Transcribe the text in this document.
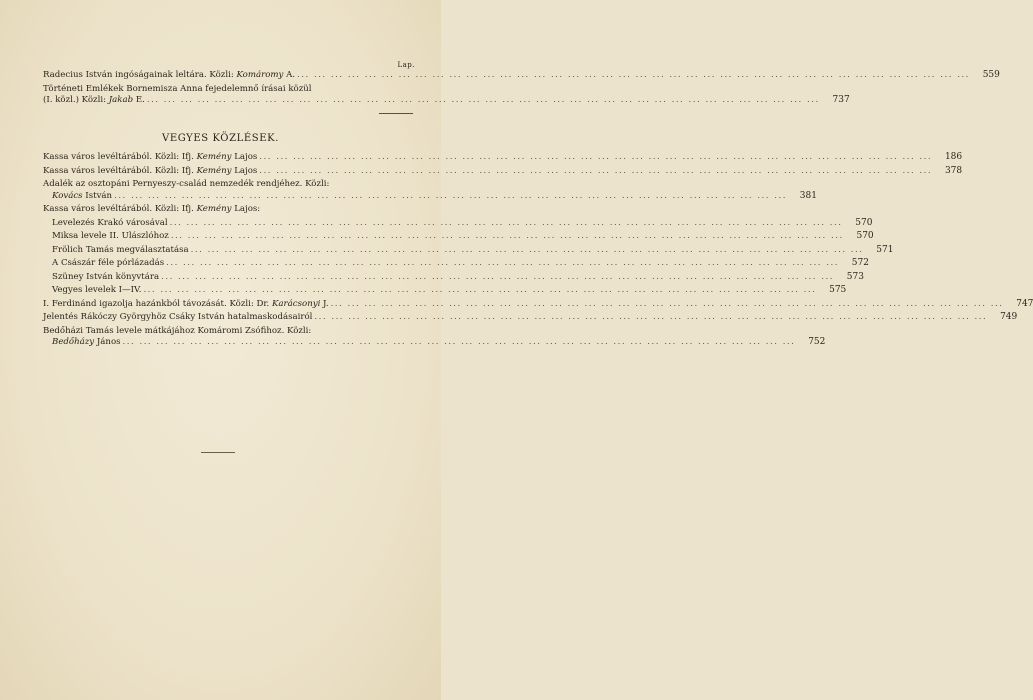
Lap.
Radecius István ingóságainak leltára. Közli: Komáromy A. ... ... ... ... ... ... ... ... ... ... ... ... ... ... ... ... ... ... ... ... ... ... ... ... ... ... ... ... ... ... ... ... ... ... ... ... ... ... ... ...	559
Történeti Emlékek Bornemisza Anna fejedelemnő írásai közül
(I. közl.) Közli: Jakab E. ... ... ... ... ... ... ... ... ... ... ... ... ... ... ... ... ... ... ... ... ... ... ... ... ... ... ... ... ... ... ... ... ... ... ... ... ... ... ... ...	737
VEGYES KÖZLÉSEK.
Kassa város levéltárából. Közli: Ifj. Kemény Lajos ... ... ... ... ... ... ... ... ... ... ... ... ... ... ... ... ... ... ... ... ... ... ... ... ... ... ... ... ... ... ... ... ... ... ... ... ... ... ... ...	186
Kassa város levéltárából. Közli: Ifj. Kemény Lajos ... ... ... ... ... ... ... ... ... ... ... ... ... ... ... ... ... ... ... ... ... ... ... ... ... ... ... ... ... ... ... ... ... ... ... ... ... ... ... ...	378
Adalék az osztopáni Pernyeszy-család nemzedék rendjéhez. Közli:
Kovács István ... ... ... ... ... ... ... ... ... ... ... ... ... ... ... ... ... ... ... ... ... ... ... ... ... ... ... ... ... ... ... ... ... ... ... ... ... ... ... ...	381
Kassa város levéltárából. Közli: Ifj. Kemény Lajos:
Levelezés Krakó városával ... ... ... ... ... ... ... ... ... ... ... ... ... ... ... ... ... ... ... ... ... ... ... ... ... ... ... ... ... ... ... ... ... ... ... ... ... ... ... ...	570
Miksa levele II. Ulászlóhoz ... ... ... ... ... ... ... ... ... ... ... ... ... ... ... ... ... ... ... ... ... ... ... ... ... ... ... ... ... ... ... ... ... ... ... ... ... ... ... ...	570
Frölich Tamás megválasztatása ... ... ... ... ... ... ... ... ... ... ... ... ... ... ... ... ... ... ... ... ... ... ... ... ... ... ... ... ... ... ... ... ... ... ... ... ... ... ... ...	571
A Császár féle pórlázadás ... ... ... ... ... ... ... ... ... ... ... ... ... ... ... ... ... ... ... ... ... ... ... ... ... ... ... ... ... ... ... ... ... ... ... ... ... ... ... ...	572
Szüney István könyvtára ... ... ... ... ... ... ... ... ... ... ... ... ... ... ... ... ... ... ... ... ... ... ... ... ... ... ... ... ... ... ... ... ... ... ... ... ... ... ... ...	573
Vegyes levelek I—IV. ... ... ... ... ... ... ... ... ... ... ... ... ... ... ... ... ... ... ... ... ... ... ... ... ... ... ... ... ... ... ... ... ... ... ... ... ... ... ... ...	575
I. Ferdinánd igazolja hazánkból távozását. Közli: Dr. Karácsonyi J. ... ... ... ... ... ... ... ... ... ... ... ... ... ... ... ... ... ... ... ... ... ... ... ... ... ... ... ... ... ... ... ... ... ... ... ... ... ... ... ...	747
Jelentés Rákóczy Györgyhöz Csáky István hatalmaskodásairól ... ... ... ... ... ... ... ... ... ... ... ... ... ... ... ... ... ... ... ... ... ... ... ... ... ... ... ... ... ... ... ... ... ... ... ... ... ... ... ...	749
Bedőházi Tamás levele mátkájához Komáromi Zsófihoz. Közli:
Bedőházy János ... ... ... ... ... ... ... ... ... ... ... ... ... ... ... ... ... ... ... ... ... ... ... ... ... ... ... ... ... ... ... ... ... ... ... ... ... ... ... ...	752
